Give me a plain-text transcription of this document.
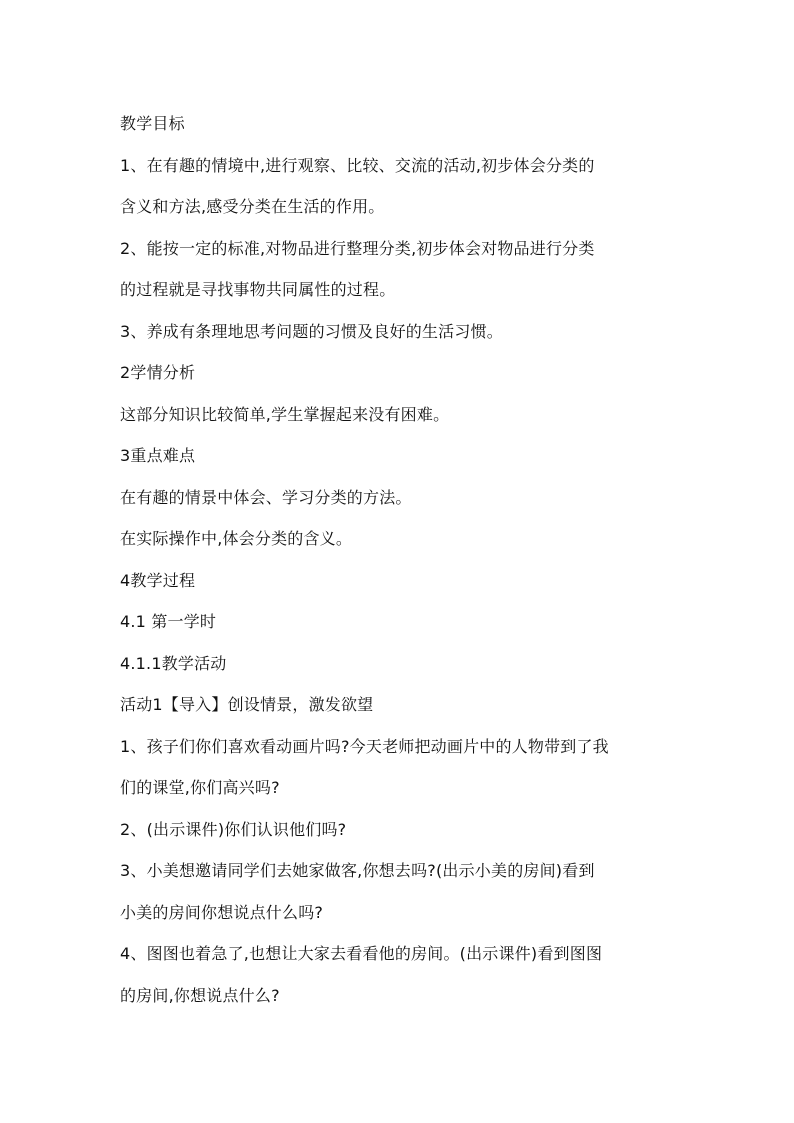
教学目标
1、在有趣的情境中,进行观察、比较、交流的活动,初步体会分类的
含义和方法,感受分类在生活的作用。
2、能按一定的标准,对物品进行整理分类,初步体会对物品进行分类
的过程就是寻找事物共同属性的过程。
3、养成有条理地思考问题的习惯及良好的生活习惯。
2学情分析
这部分知识比较简单,学生掌握起来没有困难。
3重点难点
在有趣的情景中体会、学习分类的方法。
在实际操作中,体会分类的含义。
4教学过程
4.1 第一学时
4.1.1教学活动
活动1【导入】创设情景，激发欲望
1、孩子们你们喜欢看动画片吗?今天老师把动画片中的人物带到了我
们的课堂,你们高兴吗?
2、(出示课件)你们认识他们吗?
3、小美想邀请同学们去她家做客,你想去吗?(出示小美的房间)看到
小美的房间你想说点什么吗?
4、图图也着急了,也想让大家去看看他的房间。(出示课件)看到图图
的房间,你想说点什么?
